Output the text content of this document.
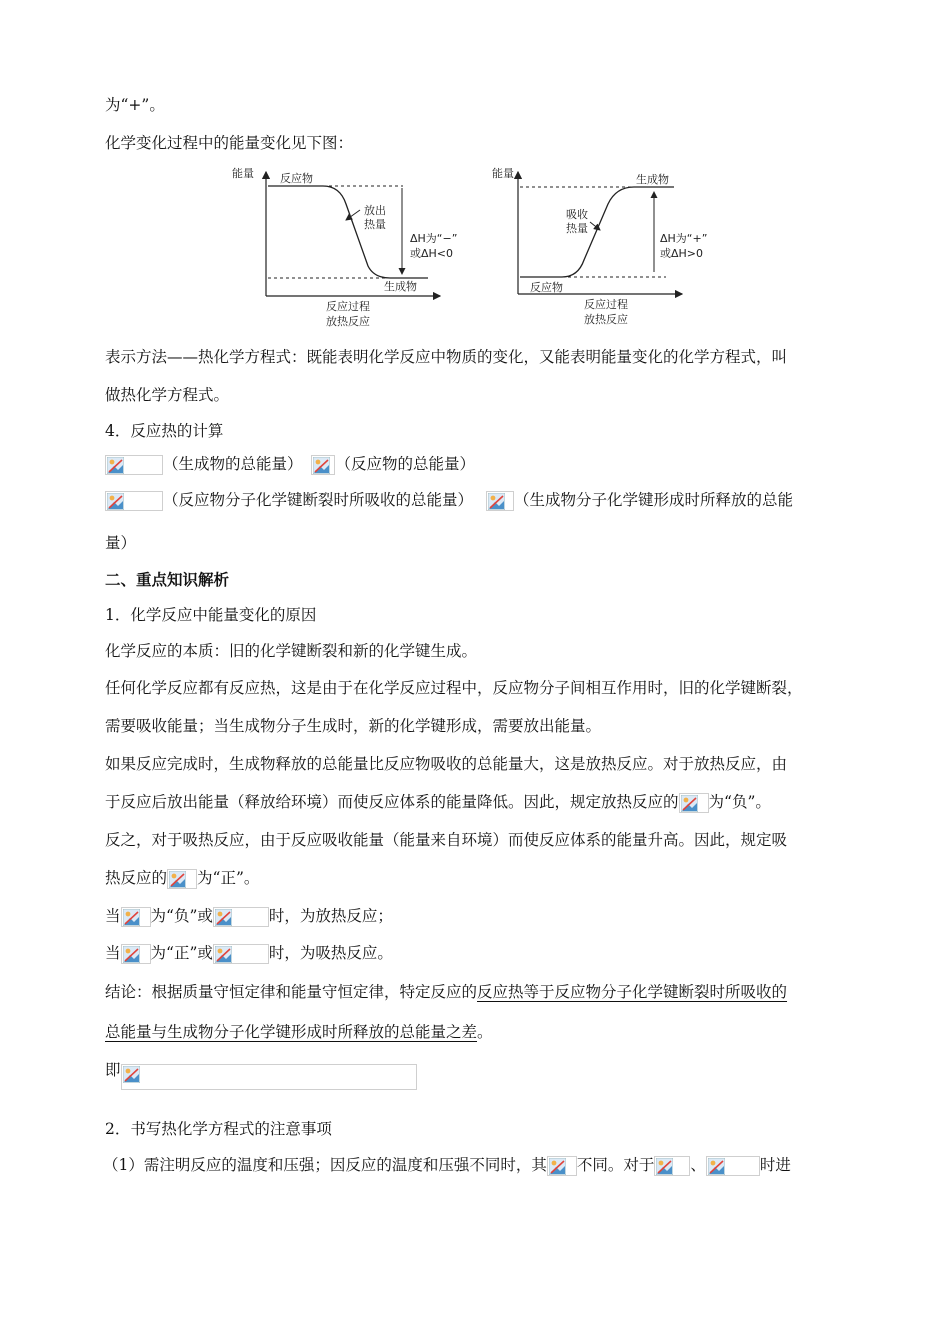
为“+”。
化学变化过程中的能量变化见下图：
能量 反应物
生成物
放出
热量
ΔH为“−”
或ΔH<0
反应过程
放热反应
能量	生成物
反应物
吸收
热量
ΔH为“+”
或ΔH>0
反应过程
放热反应
表示方法——热化学方程式：既能表明化学反应中物质的变化，又能表明能量变化的化学方程式，叫
做热化学方程式。
4．反应热的计算
（生成物的总能量） （反应物的总能量）
（反应物分子化学键断裂时所吸收的总能量）	（生成物分子化学键形成时所释放的总能
量）
二、重点知识解析
1．化学反应中能量变化的原因
化学反应的本质：旧的化学键断裂和新的化学键生成。
任何化学反应都有反应热，这是由于在化学反应过程中，反应物分子间相互作用时，旧的化学键断裂，
需要吸收能量；当生成物分子生成时，新的化学键形成，需要放出能量。
如果反应完成时，生成物释放的总能量比反应物吸收的总能量大，这是放热反应。对于放热反应，由
于反应后放出能量（释放给环境）而使反应体系的能量降低。因此，规定放热反应的 为“负”。
反之，对于吸热反应，由于反应吸收能量（能量来自环境）而使反应体系的能量升高。因此，规定吸
热反应的 为“正”。
当 为“负”或	时，为放热反应；
当 为“正”或	时，为吸热反应。
结论：根据质量守恒定律和能量守恒定律，特定反应的反应热等于反应物分子化学键断裂时所吸收的
总能量与生成物分子化学键形成时所释放的总能量之差。
即
2．书写热化学方程式的注意事项
（1）需注明反应的温度和压强；因反应的温度和压强不同时，其 不同。对于 、	时进
